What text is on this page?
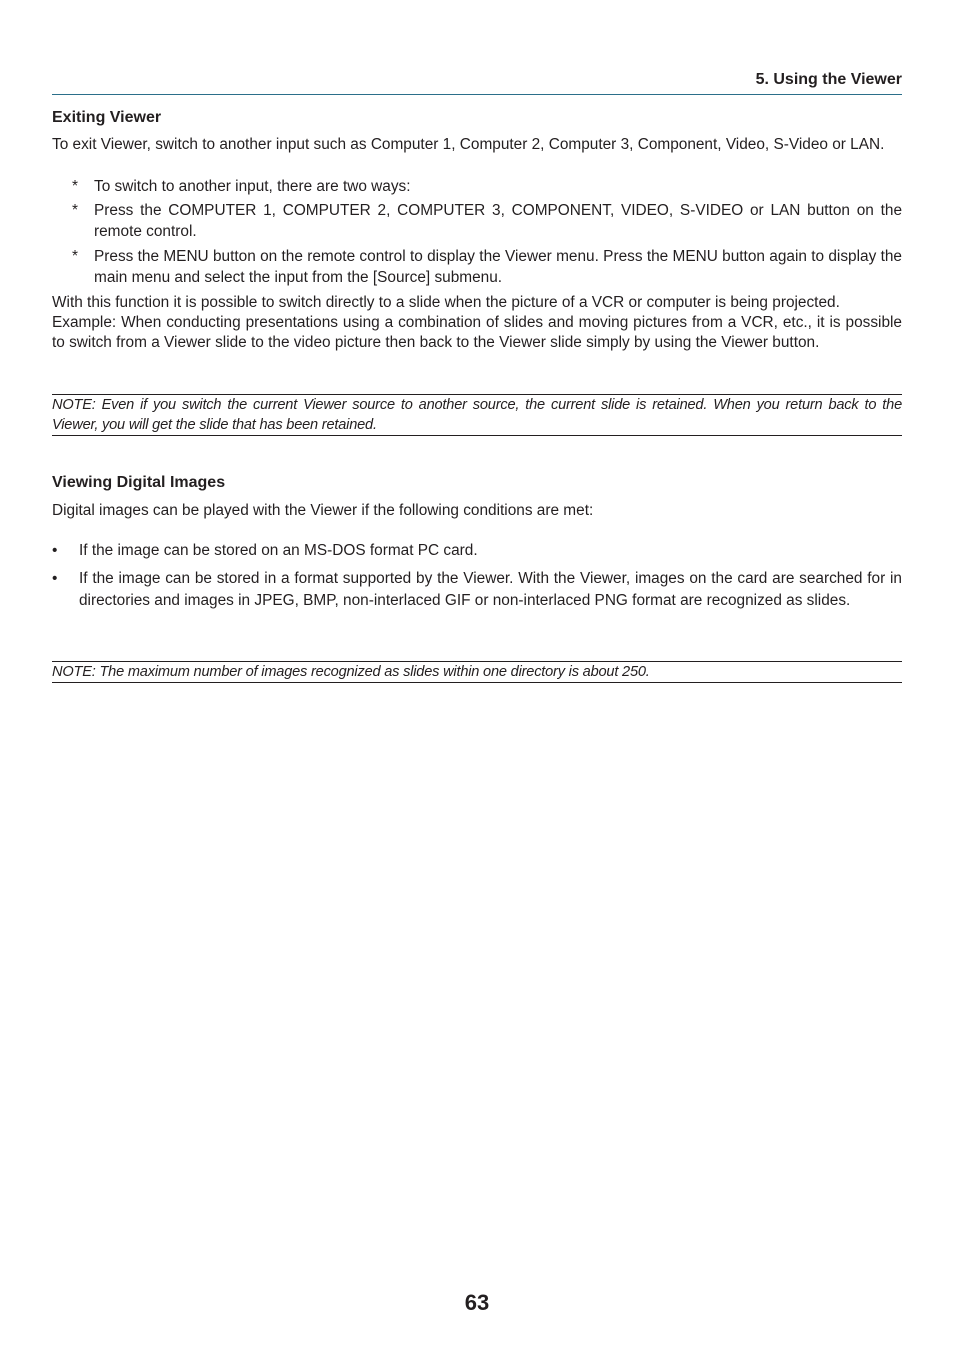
5. Using the Viewer
Exiting Viewer

To exit Viewer, switch to another input such as Computer 1, Computer 2, Computer 3, Component, Video, S-Video or LAN.

* To switch to another input, there are two ways:

* Press the COMPUTER 1, COMPUTER 2, COMPUTER 3, COMPONENT, VIDEO, S-VIDEO or LAN button on the remote control.

* Press the MENU button on the remote control to display the Viewer menu. Press the MENU button again to display the main menu and select the input from the [Source] submenu.

With this function it is possible to switch directly to a slide when the picture of a VCR or computer is being projected.

Example: When conducting presentations using a combination of slides and moving pictures from a VCR, etc., it is possible to switch from a Viewer slide to the video picture then back to the Viewer slide simply by using the Viewer button.

NOTE: Even if you switch the current Viewer source to another source, the current slide is retained. When you return back to the Viewer, you will get the slide that has been retained.
Viewing Digital Images

Digital images can be played with the Viewer if the following conditions are met:

• If the image can be stored on an MS-DOS format PC card.

• If the image can be stored in a format supported by the Viewer. With the Viewer, images on the card are searched for in directories and images in JPEG, BMP, non-interlaced GIF or non-interlaced PNG format are recognized as slides.

NOTE: The maximum number of images recognized as slides within one directory is about 250.
63
